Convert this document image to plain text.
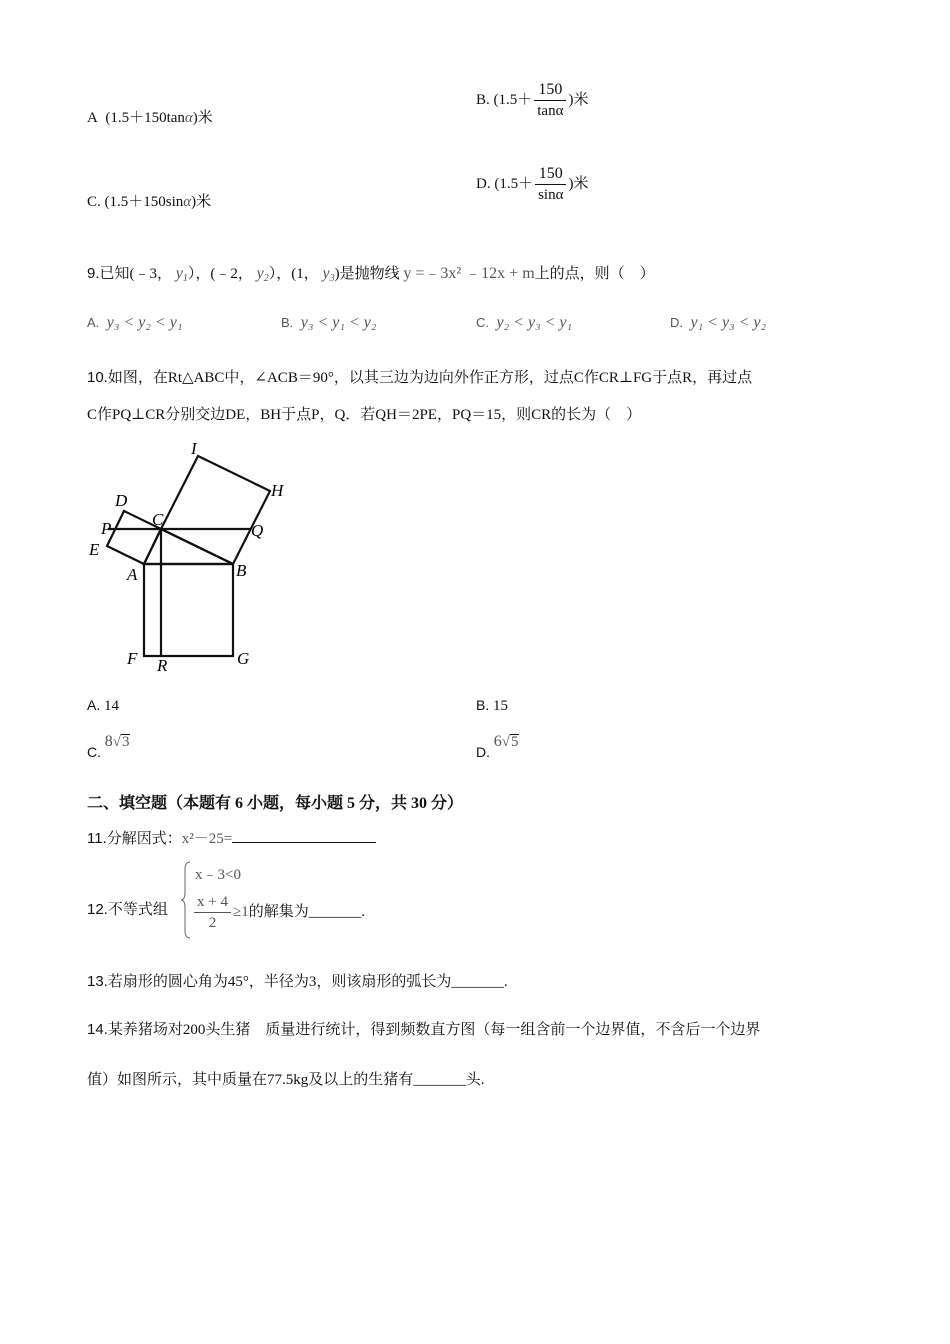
A (1.5＋150tanα)米
B. ($1.5+ \frac{150}{\tan\alpha}$ )米
C. (1.5＋150sinα)米
D. ($1.5+ \frac{150}{\sin\alpha}$ )米
9.已知(﹣3， $y_1$），(﹣2， $y_2$），(1， $y_3$)是抛物线 y =﹣3x² ﹣12x + m上的点，则（　）
A. y₃ < y₂ < y₁	B. y₃ < y₁ < y₂	C. y₂ < y₃ < y₁	D. y₁ < y₃ < y₂
10.如图，在Rt△ABC中，∠ACB＝90°，以其三边为边向外作正方形，过点C作CR⊥FG于点R，再过点
C作PQ⊥CR分别交边DE，BH于点P，Q．若QH＝2PE，PQ＝15，则CR的长为（　）
I
H
D
C
P	Q
E
A	B
F R	G
A. 14	B. 15
C. 8√3
D. 6√5
二、填空题（本题有 6 小题，每小题 5 分，共 30 分）
11.分解因式：x²－25=
12.不等式组
x﹣3<0
$\frac{x + 4}{2} \ge 1$的解集为_______.
13.若扇形的圆心角为45°，半径为3，则该扇形的弧长为_______.
14.某养猪场对200头生猪　质量进行统计，得到频数直方图（每一组含前一个边界值，不含后一个边界
值）如图所示，其中质量在77.5kg及以上的生猪有_______头.
